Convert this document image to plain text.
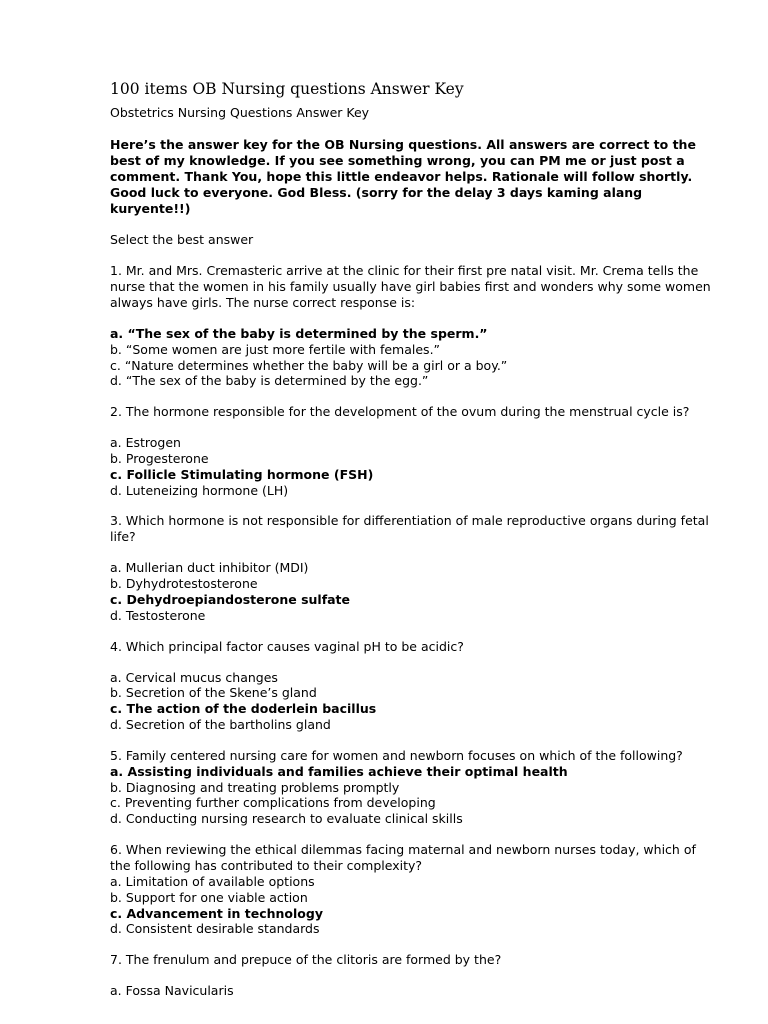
100 items OB Nursing questions Answer Key

Obstetrics Nursing Questions Answer Key

Here’s the answer key for the OB Nursing questions. All answers are correct to the best of my knowledge. If you see something wrong, you can PM me or just post a comment. Thank You, hope this little endeavor helps. Rationale will follow shortly. Good luck to everyone. God Bless. (sorry for the delay 3 days kaming alang kuryente!!)

Select the best answer

1. Mr. and Mrs. Cremasteric arrive at the clinic for their first pre natal visit. Mr. Crema tells the nurse that the women in his family usually have girl babies first and wonders why some women always have girls. The nurse correct response is:

a. “The sex of the baby is determined by the sperm.”

b. “Some women are just more fertile with females.”

c. “Nature determines whether the baby will be a girl or a boy.”

d. “The sex of the baby is determined by the egg.”

2. The hormone responsible for the development of the ovum during the menstrual cycle is?

a. Estrogen

b. Progesterone

c. Follicle Stimulating hormone (FSH)

d. Luteneizing hormone (LH)

3. Which hormone is not responsible for differentiation of male reproductive organs during fetal life?

a. Mullerian duct inhibitor (MDI)

b. Dyhydrotestosterone

c. Dehydroepiandosterone sulfate

d. Testosterone

4. Which principal factor causes vaginal pH to be acidic?

a. Cervical mucus changes

b. Secretion of the Skene’s gland

c. The action of the doderlein bacillus

d. Secretion of the bartholins gland

5. Family centered nursing care for women and newborn focuses on which of the following?

a. Assisting individuals and families achieve their optimal health

b. Diagnosing and treating problems promptly

c. Preventing further complications from developing

d. Conducting nursing research to evaluate clinical skills

6. When reviewing the ethical dilemmas facing maternal and newborn nurses today, which of the following has contributed to their complexity?

a. Limitation of available options

b. Support for one viable action

c. Advancement in technology

d. Consistent desirable standards

7. The frenulum and prepuce of the clitoris are formed by the?

a. Fossa Navicularis
